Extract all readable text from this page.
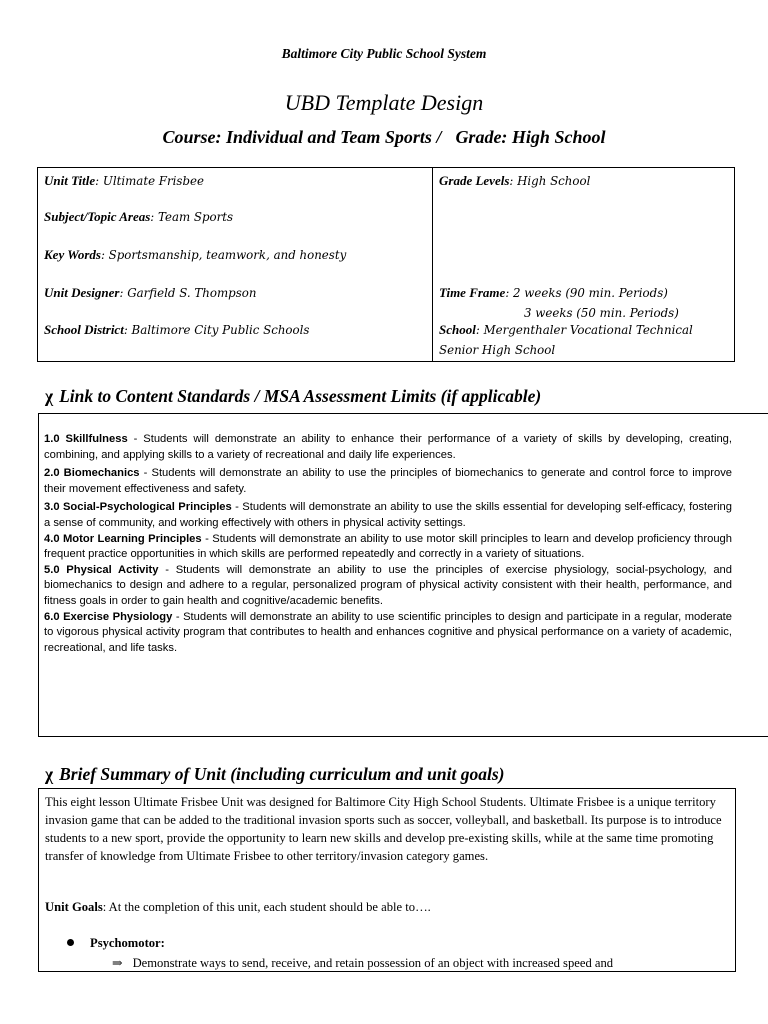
Baltimore City Public School System
UBD Template Design
Course: Individual and Team Sports / Grade: High School
Unit Title: Ultimate Frisbee
Subject/Topic Areas: Team Sports
Key Words: Sportsmanship, teamwork, and honesty
Unit Designer: Garfield S. Thompson
School District: Baltimore City Public Schools
Grade Levels: High School
Time Frame: 2 weeks (90 min. Periods)
3 weeks (50 min. Periods)
School: Mergenthaler Vocational Technical
Senior High School
χ Link to Content Standards / MSA Assessment Limits (if applicable)

1.0 Skillfulness - Students will demonstrate an ability to enhance their performance of a variety of skills by developing, creating, combining, and applying skills to a variety of recreational and daily life experiences.

2.0 Biomechanics - Students will demonstrate an ability to use the principles of biomechanics to generate and control force to improve their movement effectiveness and safety.

3.0 Social-Psychological Principles - Students will demonstrate an ability to use the skills essential for developing self-efficacy, fostering a sense of community, and working effectively with others in physical activity settings.

4.0 Motor Learning Principles - Students will demonstrate an ability to use motor skill principles to learn and develop proficiency through frequent practice opportunities in which skills are performed repeatedly and correctly in a variety of situations.

5.0 Physical Activity - Students will demonstrate an ability to use the principles of exercise physiology, social-psychology, and biomechanics to design and adhere to a regular, personalized program of physical activity consistent with their health, performance, and fitness goals in order to gain health and cognitive/academic benefits.

6.0 Exercise Physiology - Students will demonstrate an ability to use scientific principles to design and participate in a regular, moderate to vigorous physical activity program that contributes to health and enhances cognitive and physical performance on a variety of academic, recreational, and life tasks.

χ Brief Summary of Unit (including curriculum and unit goals)

This eight lesson Ultimate Frisbee Unit was designed for Baltimore City High School Students. Ultimate Frisbee is a unique territory invasion game that can be added to the traditional invasion sports such as soccer, volleyball, and basketball. Its purpose is to introduce students to a new sport, provide the opportunity to learn new skills and develop pre-existing skills, while at the same time promoting transfer of knowledge from Ultimate Frisbee to other territory/invasion category games.

Unit Goals: At the completion of this unit, each student should be able to….
Psychomotor:
⇒ Demonstrate ways to send, receive, and retain possession of an object with increased speed and
